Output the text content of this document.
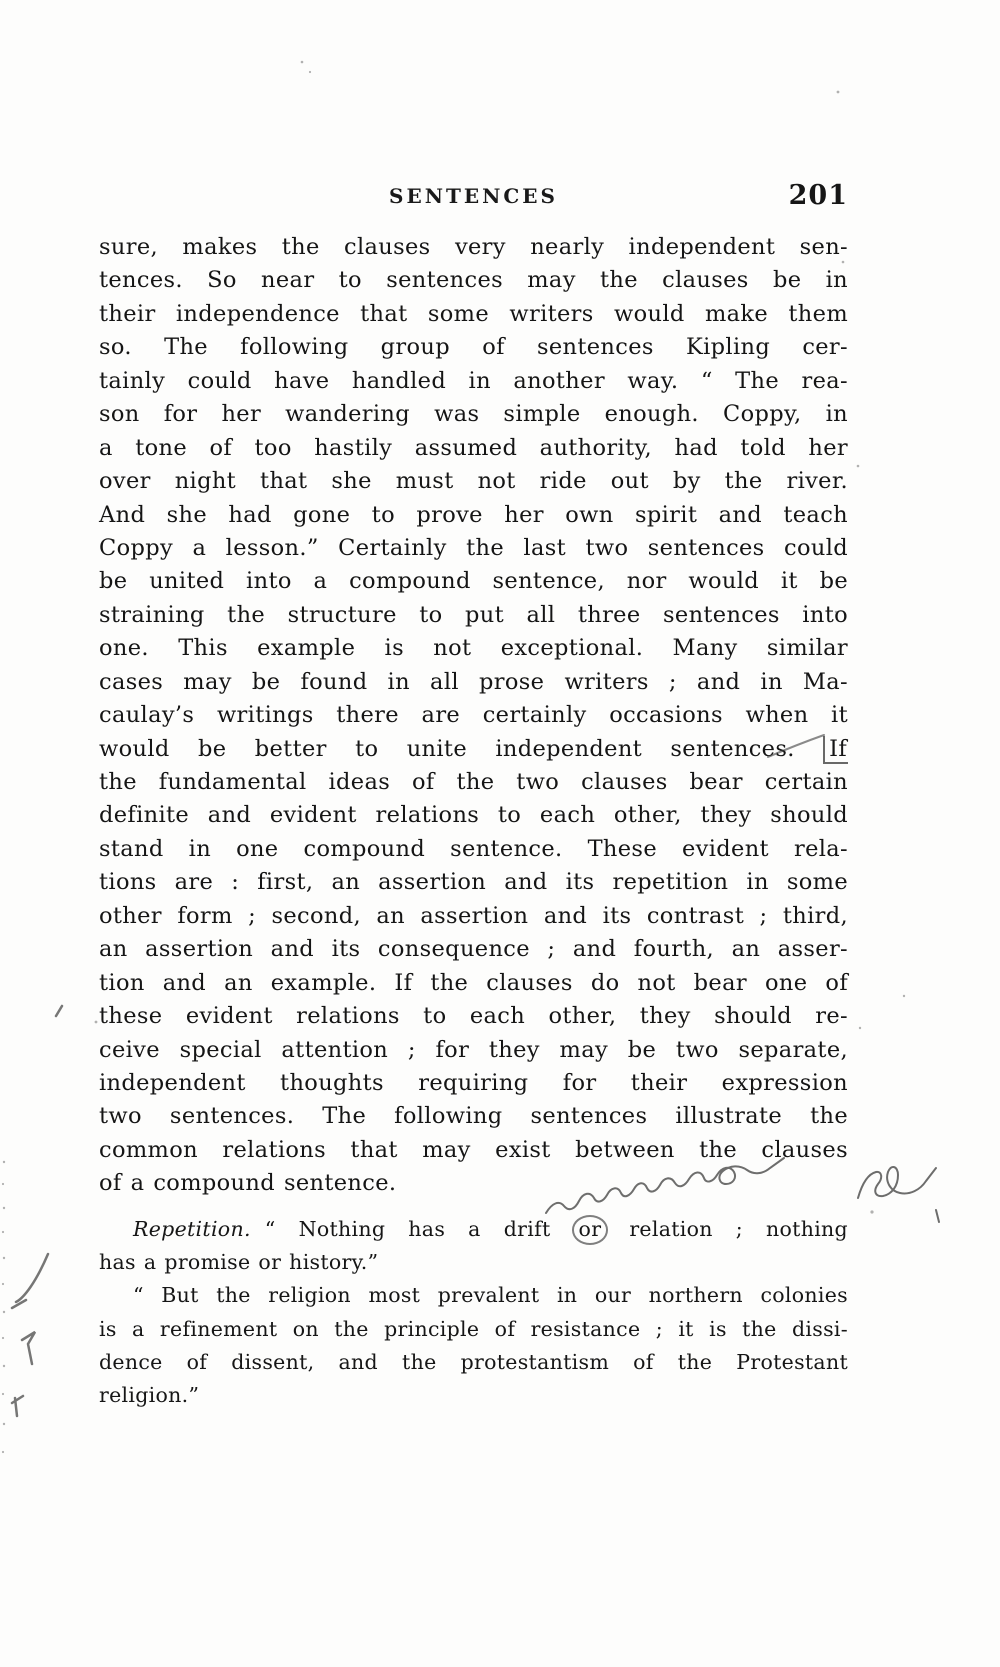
SENTENCES	201
sure, makes the clauses very nearly independent sen-
tences. So near to sentences may the clauses be in
their independence that some writers would make them
so. The following group of sentences Kipling cer-
tainly could have handled in another way. “ The rea-
son for her wandering was simple enough. Coppy, in
a tone of too hastily assumed authority, had told her
over night that she must not ride out by the river.
And she had gone to prove her own spirit and teach
Coppy a lesson.” Certainly the last two sentences could
be united into a compound sentence, nor would it be
straining the structure to put all three sentences into
one. This example is not exceptional. Many similar
cases may be found in all prose writers ; and in Ma-
caulay’s writings there are certainly occasions when it
would be better to unite independent sentences. If
the fundamental ideas of the two clauses bear certain
definite and evident relations to each other, they should
stand in one compound sentence. These evident rela-
tions are : first, an assertion and its repetition in some
other form ; second, an assertion and its contrast ; third,
an assertion and its consequence ; and fourth, an asser-
tion and an example. If the clauses do not bear one of
these evident relations to each other, they should re-
ceive special attention ; for they may be two separate,
independent thoughts requiring for their expression
two sentences. The following sentences illustrate the
common relations that may exist between the clauses
of a compound sentence.
Repetition. “ Nothing has a drift or relation ; nothing
has a promise or history.”
“ But the religion most prevalent in our northern colonies
is a refinement on the principle of resistance ; it is the dissi-
dence of dissent, and the protestantism of the Protestant
religion.”
